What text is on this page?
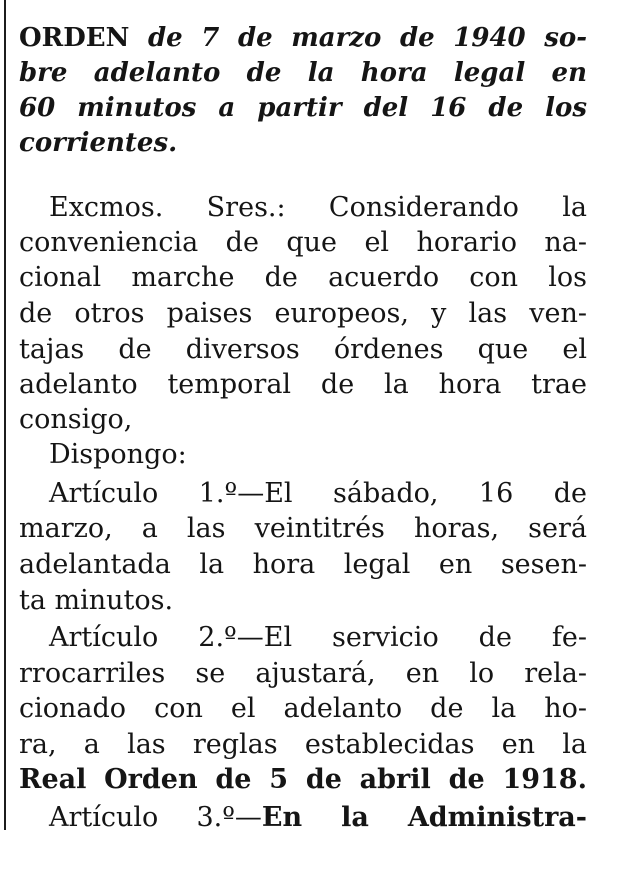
ORDEN de 7 de marzo de 1940 so-
bre adelanto de la hora legal en
60 minutos a partir del 16 de los
corrientes.
Excmos. Sres.: Considerando la
conveniencia de que el horario na-
cional marche de acuerdo con los
de otros paises europeos, y las ven-
tajas de diversos órdenes que el
adelanto temporal de la hora trae
consigo,
Dispongo:
Artículo 1.º—El sábado, 16 de
marzo, a las veintitrés horas, será
adelantada la hora legal en sesen-
ta minutos.
Artículo 2.º—El servicio de fe-
rrocarriles se ajustará, en lo rela-
cionado con el adelanto de la ho-
ra, a las reglas establecidas en la
Real Orden de 5 de abril de 1918.
Artículo 3.º—En la Administra-
